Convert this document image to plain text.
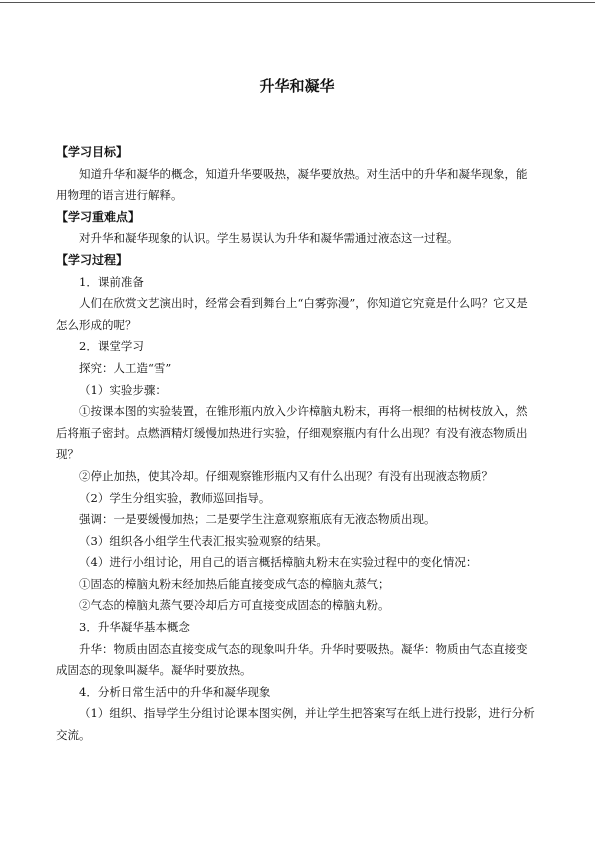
升华和凝华

【学习目标】

知道升华和凝华的概念，知道升华要吸热，凝华要放热。对生活中的升华和凝华现象，能用物理的语言进行解释。

【学习重难点】

对升华和凝华现象的认识。学生易误认为升华和凝华需通过液态这一过程。

【学习过程】

1．课前准备

人们在欣赏文艺演出时，经常会看到舞台上“白雾弥漫”，你知道它究竟是什么吗？它又是怎么形成的呢？

2．课堂学习

探究：人工造“雪”

（1）实验步骤：

①按课本图的实验装置，在锥形瓶内放入少许樟脑丸粉末，再将一根细的枯树枝放入，然后将瓶子密封。点燃酒精灯缓慢加热进行实验，仔细观察瓶内有什么出现？有没有液态物质出现？

②停止加热，使其冷却。仔细观察锥形瓶内又有什么出现？有没有出现液态物质？

（2）学生分组实验，教师巡回指导。

强调：一是要缓慢加热；二是要学生注意观察瓶底有无液态物质出现。

（3）组织各小组学生代表汇报实验观察的结果。

（4）进行小组讨论，用自己的语言概括樟脑丸粉末在实验过程中的变化情况：

①固态的樟脑丸粉末经加热后能直接变成气态的樟脑丸蒸气；

②气态的樟脑丸蒸气要冷却后方可直接变成固态的樟脑丸粉。

3．升华凝华基本概念

升华：物质由固态直接变成气态的现象叫升华。升华时要吸热。凝华：物质由气态直接变成固态的现象叫凝华。凝华时要放热。

4．分析日常生活中的升华和凝华现象

（1）组织、指导学生分组讨论课本图实例，并让学生把答案写在纸上进行投影，进行分析交流。
